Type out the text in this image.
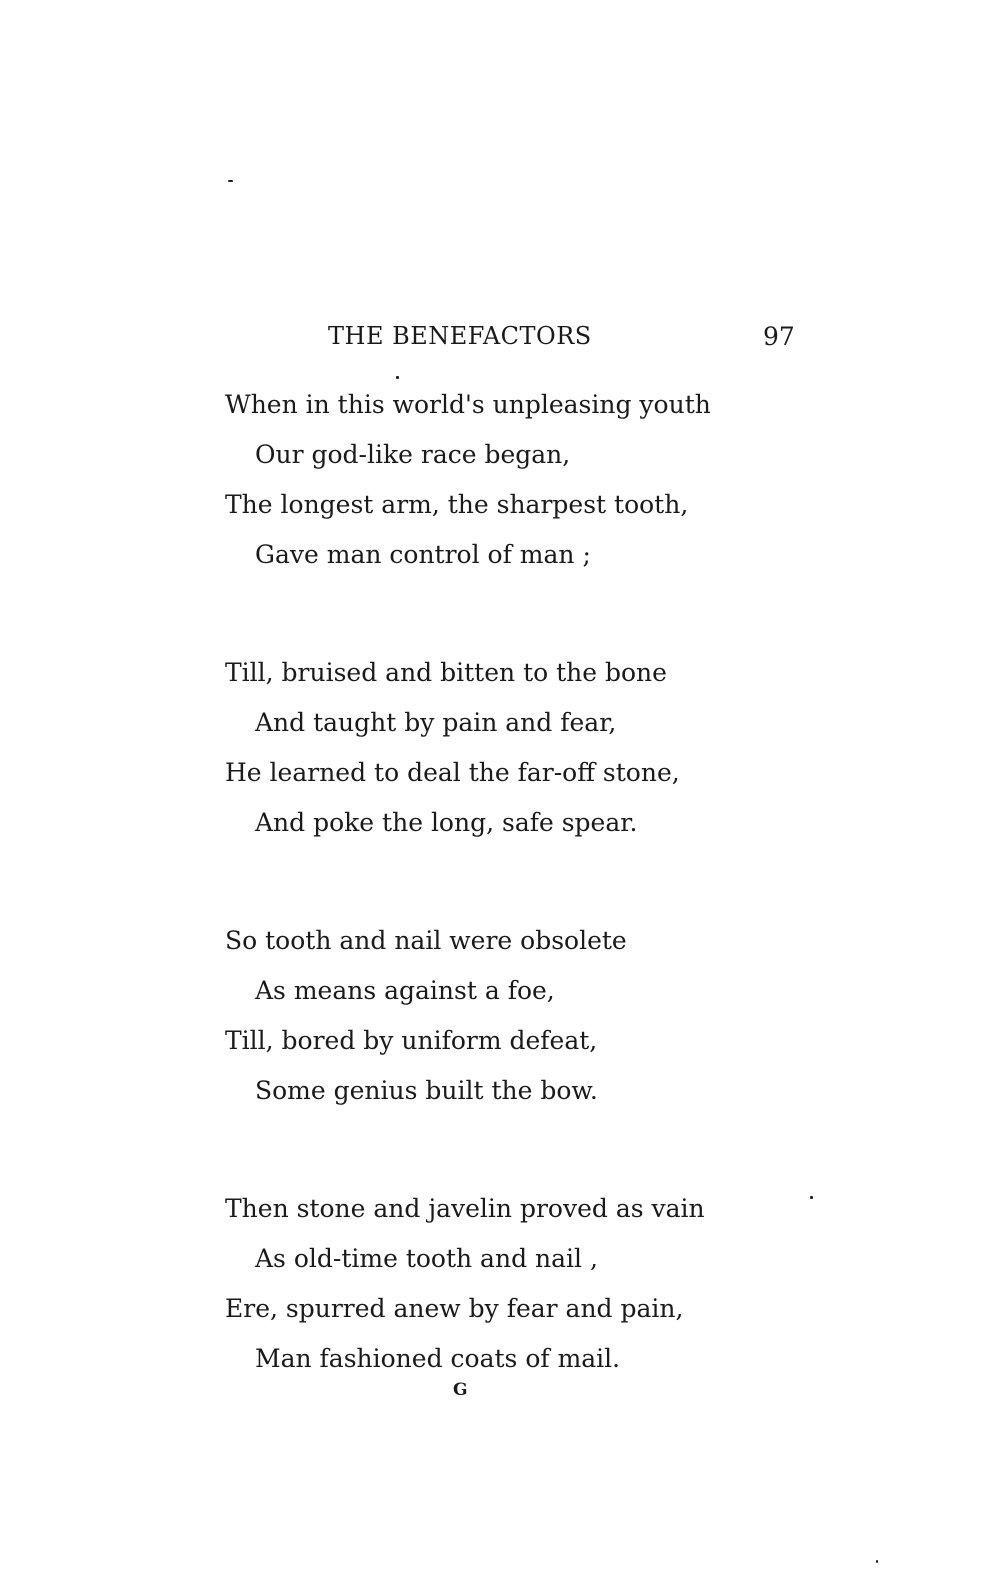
THE BENEFACTORS	97
When in this world's unpleasing youth
Our god-like race began,
The longest arm, the sharpest tooth,
Gave man control of man ;
Till, bruised and bitten to the bone
And taught by pain and fear,
He learned to deal the far-off stone,
And poke the long, safe spear.
So tooth and nail were obsolete
As means against a foe,
Till, bored by uniform defeat,
Some genius built the bow.
Then stone and javelin proved as vain
As old-time tooth and nail ,
Ere, spurred anew by fear and pain,
Man fashioned coats of mail.
G
